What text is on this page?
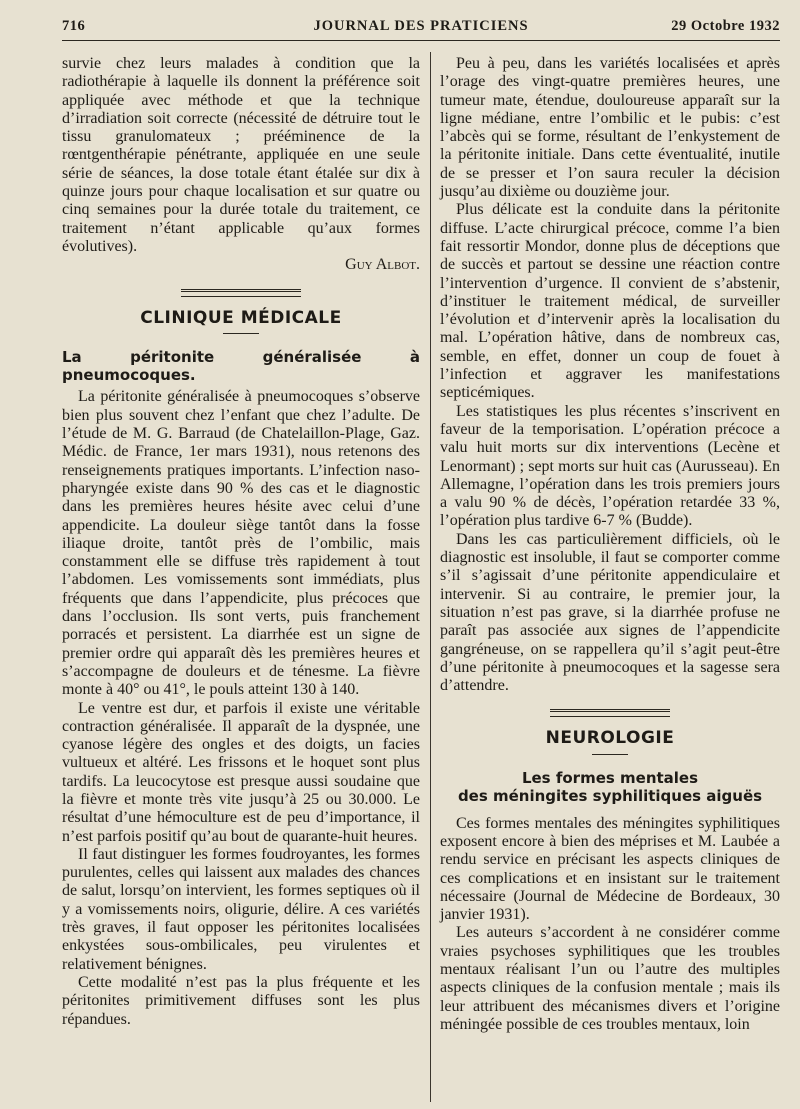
716	JOURNAL DES PRATICIENS	29 Octobre 1932

survie chez leurs malades à condition que la radiothérapie à laquelle ils donnent la préférence soit appliquée avec méthode et que la technique d’irradiation soit correcte (nécessité de détruire tout le tissu granulomateux ; prééminence de la rœntgenthérapie pénétrante, appliquée en une seule série de séances, la dose totale étant étalée sur dix à quinze jours pour chaque localisation et sur quatre ou cinq semaines pour la durée totale du traitement, ce traitement n’étant applicable qu’aux formes évolutives).

Guy Albot.
CLINIQUE MÉDICALE
La péritonite généralisée à pneumocoques.

La péritonite généralisée à pneumocoques s’observe bien plus souvent chez l’enfant que chez l’adulte. De l’étude de M. G. Barraud (de Chatelaillon-Plage, Gaz. Médic. de France, 1er mars 1931), nous retenons des renseignements pratiques importants. L’infection naso-pharyngée existe dans 90 % des cas et le diagnostic dans les premières heures hésite avec celui d’une appendicite. La douleur siège tantôt dans la fosse iliaque droite, tantôt près de l’ombilic, mais constamment elle se diffuse très rapidement à tout l’abdomen. Les vomissements sont immédiats, plus fréquents que dans l’appendicite, plus précoces que dans l’occlusion. Ils sont verts, puis franchement porracés et persistent. La diarrhée est un signe de premier ordre qui apparaît dès les premières heures et s’accompagne de douleurs et de ténesme. La fièvre monte à 40° ou 41°, le pouls atteint 130 à 140.

Le ventre est dur, et parfois il existe une véritable contraction généralisée. Il apparaît de la dyspnée, une cyanose légère des ongles et des doigts, un facies vultueux et altéré. Les frissons et le hoquet sont plus tardifs. La leucocytose est presque aussi soudaine que la fièvre et monte très vite jusqu’à 25 ou 30.000. Le résultat d’une hémoculture est de peu d’importance, il n’est parfois positif qu’au bout de quarante-huit heures.

Il faut distinguer les formes foudroyantes, les formes purulentes, celles qui laissent aux malades des chances de salut, lorsqu’on intervient, les formes septiques où il y a vomissements noirs, oligurie, délire. A ces variétés très graves, il faut opposer les péritonites localisées enkystées sous-ombilicales, peu virulentes et relativement bénignes.

Cette modalité n’est pas la plus fréquente et les péritonites primitivement diffuses sont les plus répandues.

Peu à peu, dans les variétés localisées et après l’orage des vingt-quatre premières heures, une tumeur mate, étendue, douloureuse apparaît sur la ligne médiane, entre l’ombilic et le pubis: c’est l’abcès qui se forme, résultant de l’enkystement de la péritonite initiale. Dans cette éventualité, inutile de se presser et l’on saura reculer la décision jusqu’au dixième ou douzième jour.

Plus délicate est la conduite dans la péritonite diffuse. L’acte chirurgical précoce, comme l’a bien fait ressortir Mondor, donne plus de déceptions que de succès et partout se dessine une réaction contre l’intervention d’urgence. Il convient de s’abstenir, d’instituer le traitement médical, de surveiller l’évolution et d’intervenir après la localisation du mal. L’opération hâtive, dans de nombreux cas, semble, en effet, donner un coup de fouet à l’infection et aggraver les manifestations septicémiques.

Les statistiques les plus récentes s’inscrivent en faveur de la temporisation. L’opération précoce a valu huit morts sur dix interventions (Lecène et Lenormant) ; sept morts sur huit cas (Aurusseau). En Allemagne, l’opération dans les trois premiers jours a valu 90 % de décès, l’opération retardée 33 %, l’opération plus tardive 6-7 % (Budde).

Dans les cas particulièrement difficiels, où le diagnostic est insoluble, il faut se comporter comme s’il s’agissait d’une péritonite appendiculaire et intervenir. Si au contraire, le premier jour, la situation n’est pas grave, si la diarrhée profuse ne paraît pas associée aux signes de l’appendicite gangréneuse, on se rappellera qu’il s’agit peut-être d’une péritonite à pneumocoques et la sagesse sera d’attendre.

NEUROLOGIE
Les formes mentales
des méningites syphilitiques aiguës

Ces formes mentales des méningites syphilitiques exposent encore à bien des méprises et M. Laubée a rendu service en précisant les aspects cliniques de ces complications et en insistant sur le traitement nécessaire (Journal de Médecine de Bordeaux, 30 janvier 1931).

Les auteurs s’accordent à ne considérer comme vraies psychoses syphilitiques que les troubles mentaux réalisant l’un ou l’autre des multiples aspects cliniques de la confusion mentale ; mais ils leur attribuent des mécanismes divers et l’origine méningée possible de ces troubles mentaux, loin
